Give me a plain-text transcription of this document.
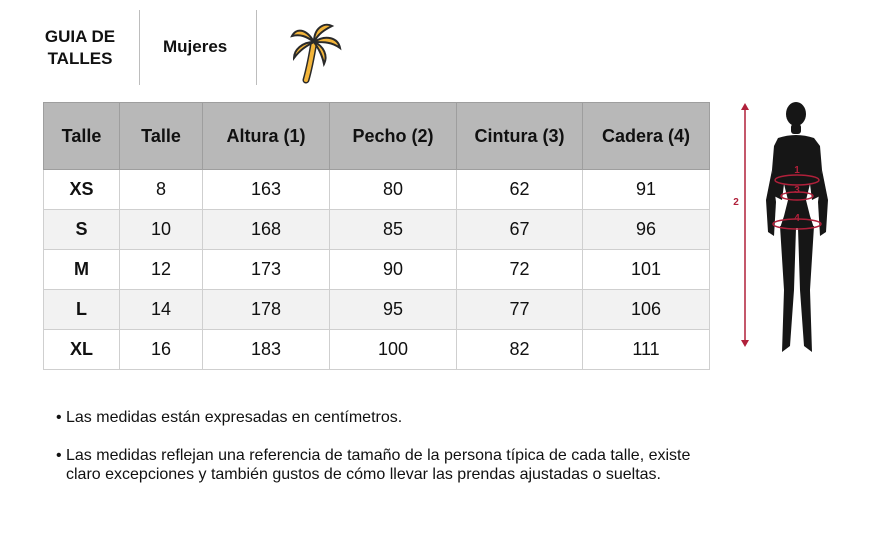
GUIA DE
TALLES
Mujeres
Talle	Talle	Altura (1)	Pecho (2)	Cintura (3)	Cadera (4)
XS	8	163	80	62	91
S	10	168	85	67	96
M	12	173	90	72	101
L	14	178	95	77	106
XL	16	183	100	82	111
• Las medidas están expresadas en centímetros.
• Las medidas reflejan una referencia de tamaño de la persona típica de cada talle, existe claro excepciones y también gustos de cómo llevar las prendas ajustadas o sueltas.
1
2
3
4
